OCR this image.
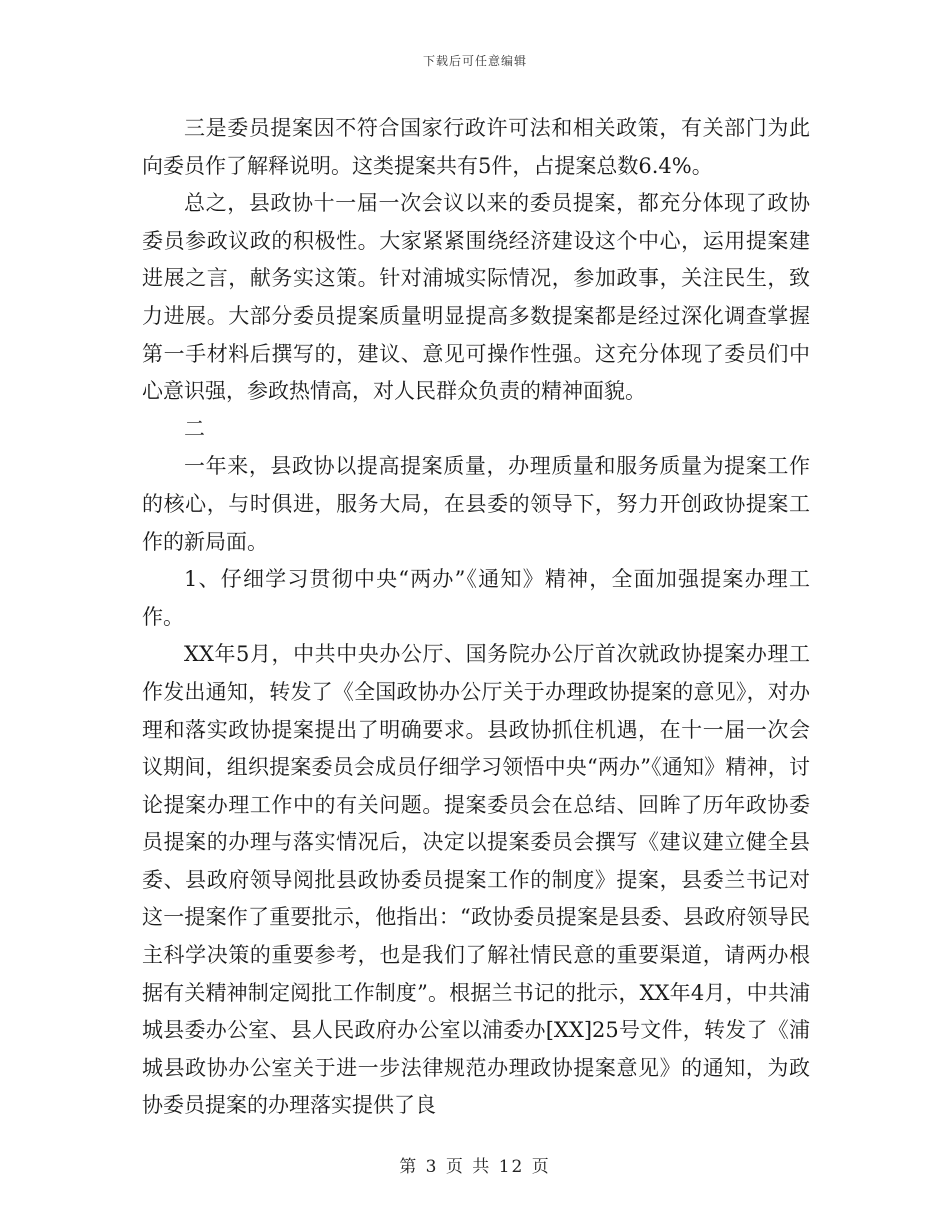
下载后可任意编辑

三是委员提案因不符合国家行政许可法和相关政策，有关部门为此向委员作了解释说明。这类提案共有5件，占提案总数6.4%。

总之，县政协十一届一次会议以来的委员提案，都充分体现了政协委员参政议政的积极性。大家紧紧围绕经济建设这个中心，运用提案建进展之言，献务实这策。针对浦城实际情况，参加政事，关注民生，致力进展。大部分委员提案质量明显提高多数提案都是经过深化调查掌握第一手材料后撰写的，建议、意见可操作性强。这充分体现了委员们中心意识强，参政热情高，对人民群众负责的精神面貌。

二

一年来，县政协以提高提案质量，办理质量和服务质量为提案工作的核心，与时俱进，服务大局，在县委的领导下，努力开创政协提案工作的新局面。

1、仔细学习贯彻中央“两办”《通知》精神，全面加强提案办理工作。

XX年5月，中共中央办公厅、国务院办公厅首次就政协提案办理工作发出通知，转发了《全国政协办公厅关于办理政协提案的意见》，对办理和落实政协提案提出了明确要求。县政协抓住机遇，在十一届一次会议期间，组织提案委员会成员仔细学习领悟中央“两办”《通知》精神，讨论提案办理工作中的有关问题。提案委员会在总结、回眸了历年政协委员提案的办理与落实情况后，决定以提案委员会撰写《建议建立健全县委、县政府领导阅批县政协委员提案工作的制度》提案，县委兰书记对这一提案作了重要批示，他指出：“政协委员提案是县委、县政府领导民主科学决策的重要参考，也是我们了解社情民意的重要渠道，请两办根据有关精神制定阅批工作制度”。根据兰书记的批示，XX年4月，中共浦城县委办公室、县人民政府办公室以浦委办[XX]25号文件，转发了《浦城县政协办公室关于进一步法律规范办理政协提案意见》的通知，为政协委员提案的办理落实提供了良

第 3 页 共 12 页
